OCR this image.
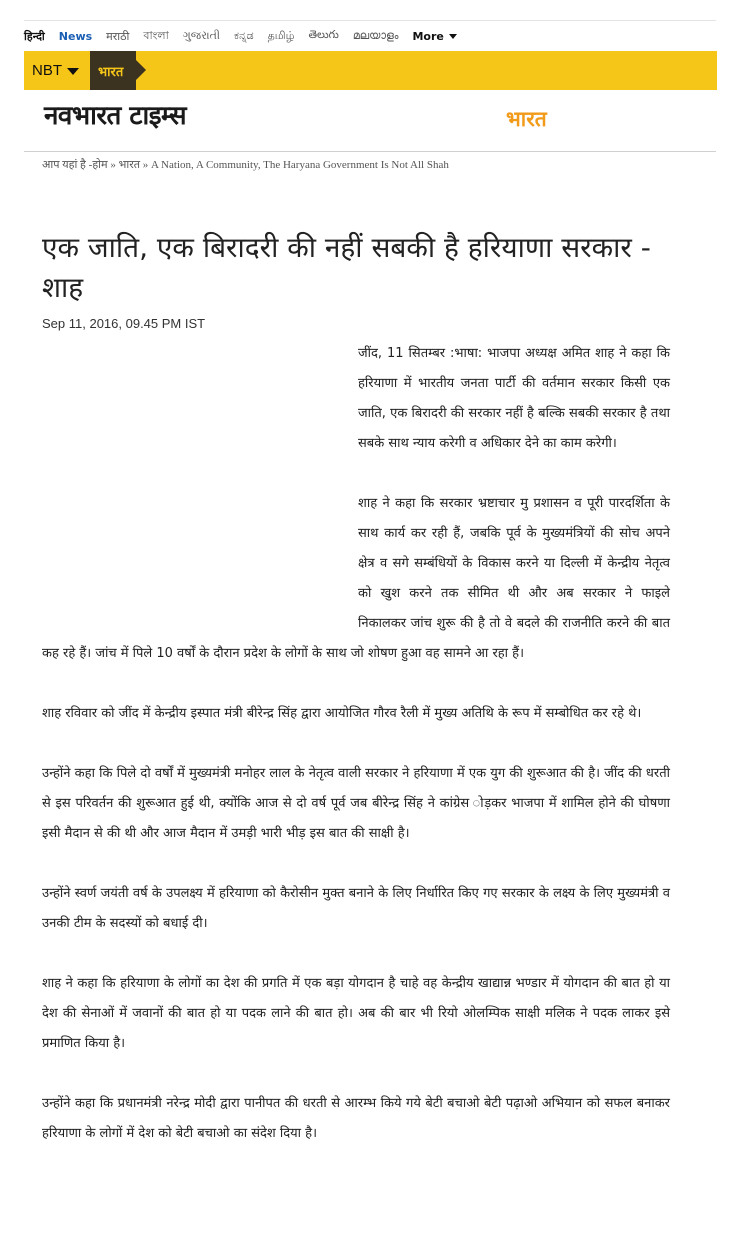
हिन्दी News मराठी বাংলা ગુજરાતી ಕನ್ನಡ தமிழ் తెలుగు മലയാളം More
NBT	भारत
नवभारत टाइम्स	भारत
आप यहां है -होम » भारत » A Nation, A Community, The Haryana Government Is Not All Shah
एक जाति, एक बिरादरी की नहीं सबकी है हरियाणा सरकार - शाह
Sep 11, 2016, 09.45 PM IST

जींद, 11 सितम्बर :भाषा: भाजपा अध्यक्ष अमित शाह ने कहा कि हरियाणा में भारतीय जनता पार्टी की वर्तमान सरकार किसी एक जाति, एक बिरादरी की सरकार नहीं है बल्कि सबकी सरकार है तथा सबके साथ न्याय करेगी व अधिकार देने का काम करेगी।

शाह ने कहा कि सरकार भ्रष्टाचार मु प्रशासन व पूरी पारदर्शिता के साथ कार्य कर रही हैं, जबकि पूर्व के मुख्यमंत्रियों की सोच अपने क्षेत्र व सगे सम्बंधियों के विकास करने या दिल्ली में केन्द्रीय नेतृत्व को खुश करने तक सीमित थी और अब सरकार ने फाइले निकालकर जांच शुरू की है तो वे बदले की राजनीति करने की बात कह रहे हैं। जांच में पिले 10 वर्षों के दौरान प्रदेश के लोगों के साथ जो शोषण हुआ वह सामने आ रहा हैं।

शाह रविवार को जींद में केन्द्रीय इस्पात मंत्री बीरेन्द्र सिंह द्वारा आयोजित गौरव रैली में मुख्य अतिथि के रूप में सम्बोधित कर रहे थे।

उन्होंने कहा कि पिले दो वर्षों में मुख्यमंत्री मनोहर लाल के नेतृत्व वाली सरकार ने हरियाणा में एक युग की शुरूआत की है। जींद की धरती से इस परिवर्तन की शुरूआत हुई थी, क्योंकि आज से दो वर्ष पूर्व जब बीरेन्द्र सिंह ने कांग्रेस ोड़कर भाजपा में शामिल होने की घोषणा इसी मैदान से की थी और आज मैदान में उमड़ी भारी भीड़ इस बात की साक्षी है।

उन्होंने स्वर्ण जयंती वर्ष के उपलक्ष्य में हरियाणा को कैरोसीन मुक्त बनाने के लिए निर्धारित किए गए सरकार के लक्ष्य के लिए मुख्यमंत्री व उनकी टीम के सदस्यों को बधाई दी।

शाह ने कहा कि हरियाणा के लोगों का देश की प्रगति में एक बड़ा योगदान है चाहे वह केन्द्रीय खाद्यान्न भण्डार में योगदान की बात हो या देश की सेनाओं में जवानों की बात हो या पदक लाने की बात हो। अब की बार भी रियो ओलम्पिक साक्षी मलिक ने पदक लाकर इसे प्रमाणित किया है।

उन्होंने कहा कि प्रधानमंत्री नरेन्द्र मोदी द्वारा पानीपत की धरती से आरम्भ किये गये बेटी बचाओ बेटी पढ़ाओ अभियान को सफल बनाकर हरियाणा के लोगों में देश को बेटी बचाओ का संदेश दिया है।
